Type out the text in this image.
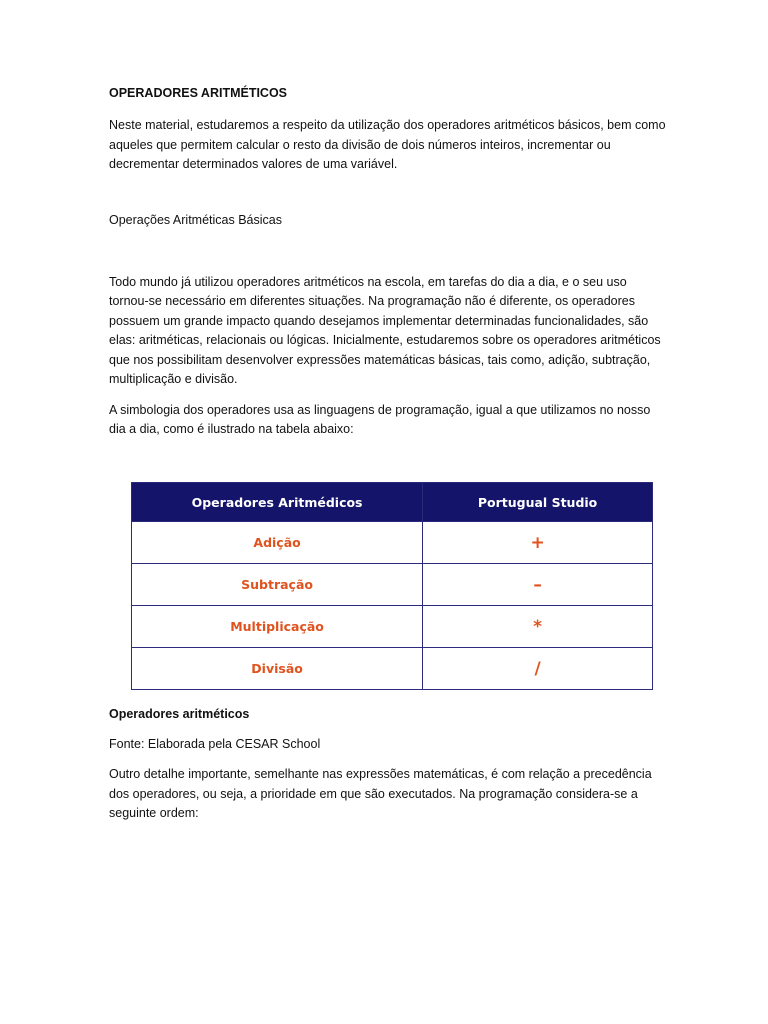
OPERADORES ARITMÉTICOS

Neste material, estudaremos a respeito da utilização dos operadores aritméticos básicos, bem como aqueles que permitem calcular o resto da divisão de dois números inteiros, incrementar ou decrementar determinados valores de uma variável.

Operações Aritméticas Básicas

Todo mundo já utilizou operadores aritméticos na escola, em tarefas do dia a dia, e o seu uso tornou-se necessário em diferentes situações. Na programação não é diferente, os operadores possuem um grande impacto quando desejamos implementar determinadas funcionalidades, são elas: aritméticas, relacionais ou lógicas. Inicialmente, estudaremos sobre os operadores aritméticos que nos possibilitam desenvolver expressões matemáticas básicas, tais como, adição, subtração, multiplicação e divisão.

A simbologia dos operadores usa as linguagens de programação, igual a que utilizamos no nosso dia a dia, como é ilustrado na tabela abaixo:

Operadores Aritmédicos	Portugual Studio
Adição	+
Subtração	–
Multiplicação	*
Divisão	/

Operadores aritméticos

Fonte: Elaborada pela CESAR School

Outro detalhe importante, semelhante nas expressões matemáticas, é com relação a precedência dos operadores, ou seja, a prioridade em que são executados. Na programação considera-se a seguinte ordem:
